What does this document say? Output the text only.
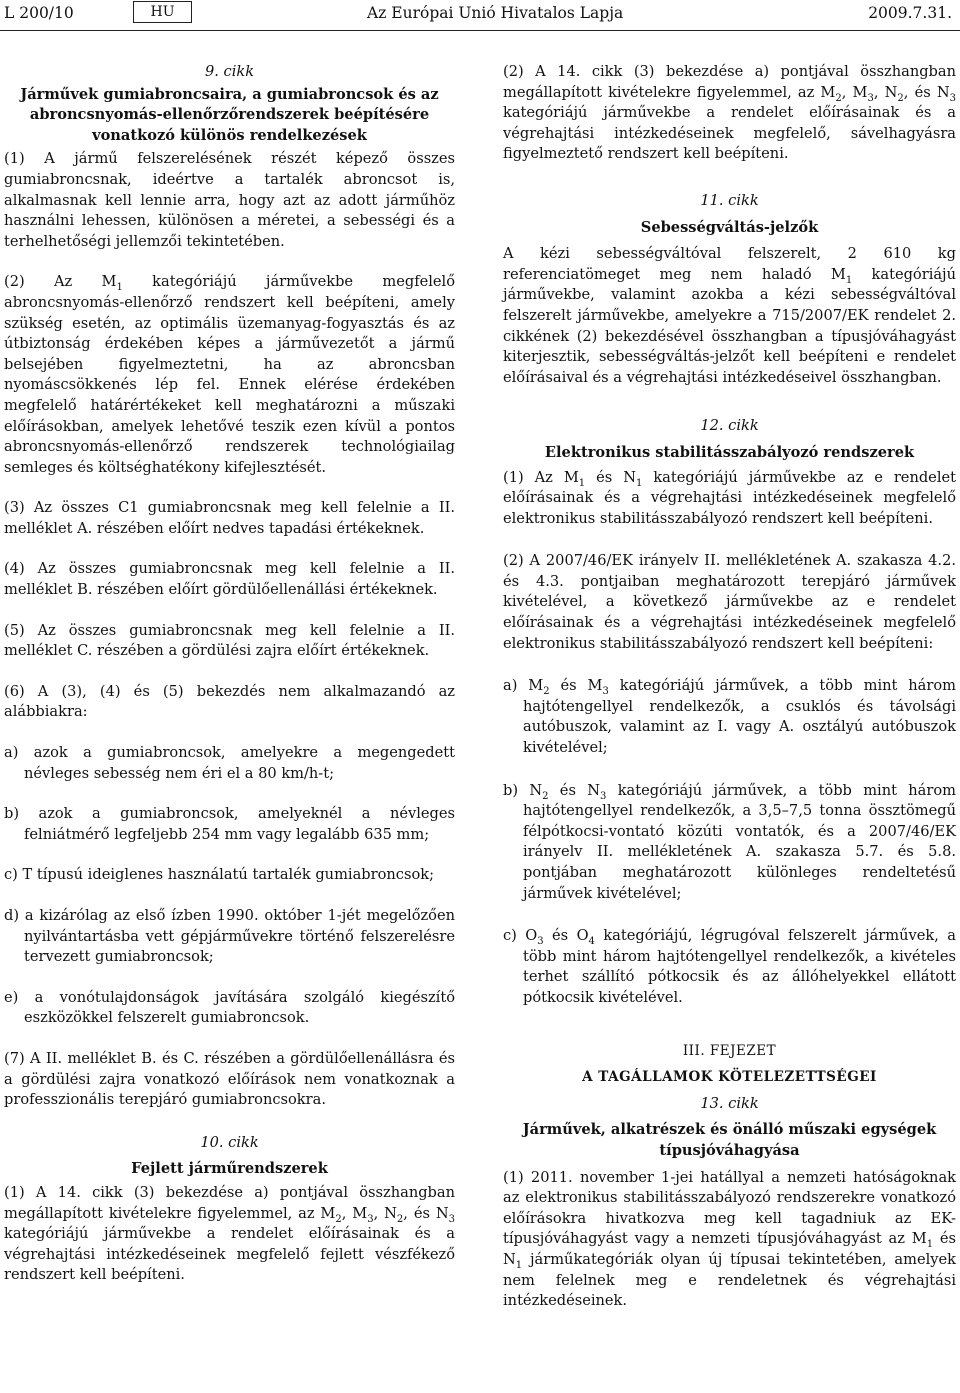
L 200/10	HU	Az Európai Unió Hivatalos Lapja	2009.7.31.

9. cikk

Járművek gumiabroncsaira, a gumiabroncsok és az abroncsnyomás-ellenőrzőrendszerek beépítésére vonatkozó különös rendelkezések

(1) A jármű felszerelésének részét képező összes gumiabroncsnak, ideértve a tartalék abroncsot is, alkalmasnak kell lennie arra, hogy azt az adott járműhöz használni lehessen, különösen a méretei, a sebességi és a terhelhetőségi jellemzői tekintetében.

(2) Az $M_1$ kategóriájú járművekbe megfelelő abroncsnyomás-ellenőrző rendszert kell beépíteni, amely szükség esetén, az optimális üzemanyag-fogyasztás és az útbiztonság érdekében képes a járművezetőt a jármű belsejében figyelmeztetni, ha az abroncsban nyomáscsökkenés lép fel. Ennek elérése érdekében megfelelő határértékeket kell meghatározni a műszaki előírásokban, amelyek lehetővé teszik ezen kívül a pontos abroncsnyomás-ellenőrző rendszerek technológiailag semleges és költséghatékony kifejlesztését.

(3) Az összes C1 gumiabroncsnak meg kell felelnie a II. melléklet A. részében előírt nedves tapadási értékeknek.

(4) Az összes gumiabroncsnak meg kell felelnie a II. melléklet B. részében előírt gördülőellenállási értékeknek.

(5) Az összes gumiabroncsnak meg kell felelnie a II. melléklet C. részében a gördülési zajra előírt értékeknek.

(6) A (3), (4) és (5) bekezdés nem alkalmazandó az alábbiakra:

a) azok a gumiabroncsok, amelyekre a megengedett névleges sebesség nem éri el a 80 km/h-t;

b) azok a gumiabroncsok, amelyeknél a névleges felniátmérő legfeljebb 254 mm vagy legalább 635 mm;

c) T típusú ideiglenes használatú tartalék gumiabroncsok;

d) a kizárólag az első ízben 1990. október 1-jét megelőzően nyilvántartásba vett gépjárművekre történő felszerelésre tervezett gumiabroncsok;

e) a vonótulajdonságok javítására szolgáló kiegészítő eszközökkel felszerelt gumiabroncsok.

(7) A II. melléklet B. és C. részében a gördülőellenállásra és a gördülési zajra vonatkozó előírások nem vonatkoznak a professzionális terepjáró gumiabroncsokra.

10. cikk

Fejlett járműrendszerek

(1) A 14. cikk (3) bekezdése a) pontjával összhangban megállapított kivételekre figyelemmel, az $M_2$, $M_3$, $N_2$, és $N_3$ kategóriájú járművekbe a rendelet előírásainak és a végrehajtási intézkedéseinek megfelelő fejlett vészfékező rendszert kell beépíteni.

(2) A 14. cikk (3) bekezdése a) pontjával összhangban megállapított kivételekre figyelemmel, az $M_2$, $M_3$, $N_2$, és $N_3$ kategóriájú járművekbe a rendelet előírásainak és a végrehajtási intézkedéseinek megfelelő, sávelhagyásra figyelmeztető rendszert kell beépíteni.

11. cikk

Sebességváltás-jelzők

A kézi sebességváltóval felszerelt, 2 610 kg referenciatömeget meg nem haladó $M_1$ kategóriájú járművekbe, valamint azokba a kézi sebességváltóval felszerelt járművekbe, amelyekre a 715/2007/EK rendelet 2. cikkének (2) bekezdésével összhangban a típusjóváhagyást kiterjesztik, sebességváltás-jelzőt kell beépíteni e rendelet előírásaival és a végrehajtási intézkedéseivel összhangban.

12. cikk

Elektronikus stabilitásszabályozó rendszerek

(1) Az $M_1$ és $N_1$ kategóriájú járművekbe az e rendelet előírásainak és a végrehajtási intézkedéseinek megfelelő elektronikus stabilitásszabályozó rendszert kell beépíteni.

(2) A 2007/46/EK irányelv II. mellékletének A. szakasza 4.2. és 4.3. pontjaiban meghatározott terepjáró járművek kivételével, a következő járművekbe az e rendelet előírásainak és a végrehajtási intézkedéseinek megfelelő elektronikus stabilitásszabályozó rendszert kell beépíteni:

a) $M_2$ és $M_3$ kategóriájú járművek, a több mint három hajtótengellyel rendelkezők, a csuklós és távolsági autóbuszok, valamint az I. vagy A. osztályú autóbuszok kivételével;

b) $N_2$ és $N_3$ kategóriájú járművek, a több mint három hajtótengellyel rendelkezők, a 3,5–7,5 tonna össztömegű félpótkocsi-vontató közúti vontatók, és a 2007/46/EK irányelv II. mellékletének A. szakasza 5.7. és 5.8. pontjában meghatározott különleges rendeltetésű járművek kivételével;

c) $O_3$ és $O_4$ kategóriájú, légrugóval felszerelt járművek, a több mint három hajtótengellyel rendelkezők, a kivételes terhet szállító pótkocsik és az állóhelyekkel ellátott pótkocsik kivételével.

III. FEJEZET

A TAGÁLLAMOK KÖTELEZETTSÉGEI

13. cikk

Járművek, alkatrészek és önálló műszaki egységek típusjóváhagyása

(1) 2011. november 1-jei hatállyal a nemzeti hatóságoknak az elektronikus stabilitásszabályozó rendszerekre vonatkozó előírásokra hivatkozva meg kell tagadniuk az EK-típusjóváhagyást vagy a nemzeti típusjóváhagyást az $M_1$ és $N_1$ járműkategóriák olyan új típusai tekintetében, amelyek nem felelnek meg e rendeletnek és végrehajtási intézkedéseinek.
